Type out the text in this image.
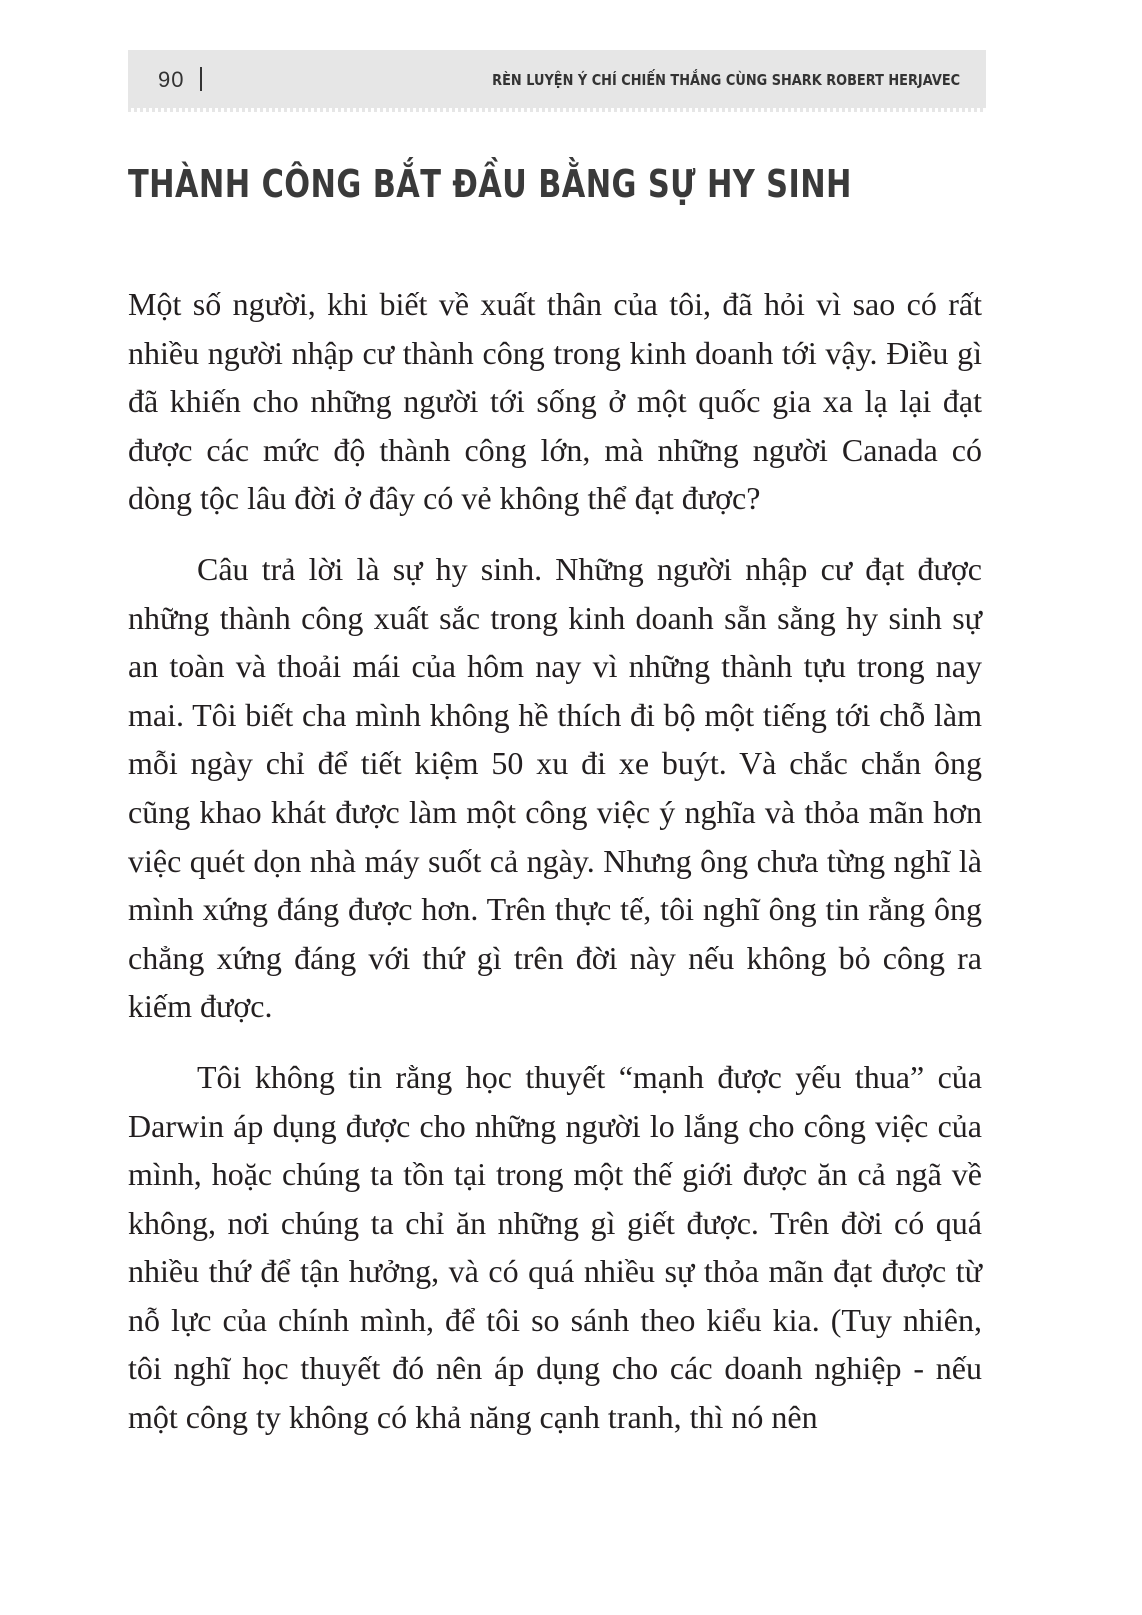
90	RÈN LUYỆN Ý CHÍ CHIẾN THẮNG CÙNG SHARK ROBERT HERJAVEC
THÀNH CÔNG BẮT ĐẦU BẰNG SỰ HY SINH

Một số người, khi biết về xuất thân của tôi, đã hỏi vì sao có rất nhiều người nhập cư thành công trong kinh doanh tới vậy. Điều gì đã khiến cho những người tới sống ở một quốc gia xa lạ lại đạt được các mức độ thành công lớn, mà những người Canada có dòng tộc lâu đời ở đây có vẻ không thể đạt được?

Câu trả lời là sự hy sinh. Những người nhập cư đạt được những thành công xuất sắc trong kinh doanh sẵn sằng hy sinh sự an toàn và thoải mái của hôm nay vì những thành tựu trong nay mai. Tôi biết cha mình không hề thích đi bộ một tiếng tới chỗ làm mỗi ngày chỉ để tiết kiệm 50 xu đi xe buýt. Và chắc chắn ông cũng khao khát được làm một công việc ý nghĩa và thỏa mãn hơn việc quét dọn nhà máy suốt cả ngày. Nhưng ông chưa từng nghĩ là mình xứng đáng được hơn. Trên thực tế, tôi nghĩ ông tin rằng ông chẳng xứng đáng với thứ gì trên đời này nếu không bỏ công ra kiếm được.

Tôi không tin rằng học thuyết “mạnh được yếu thua” của Darwin áp dụng được cho những người lo lắng cho công việc của mình, hoặc chúng ta tồn tại trong một thế giới được ăn cả ngã về không, nơi chúng ta chỉ ăn những gì giết được. Trên đời có quá nhiều thứ để tận hưởng, và có quá nhiều sự thỏa mãn đạt được từ nỗ lực của chính mình, để tôi so sánh theo kiểu kia. (Tuy nhiên, tôi nghĩ học thuyết đó nên áp dụng cho các doanh nghiệp - nếu một công ty không có khả năng cạnh tranh, thì nó nên
